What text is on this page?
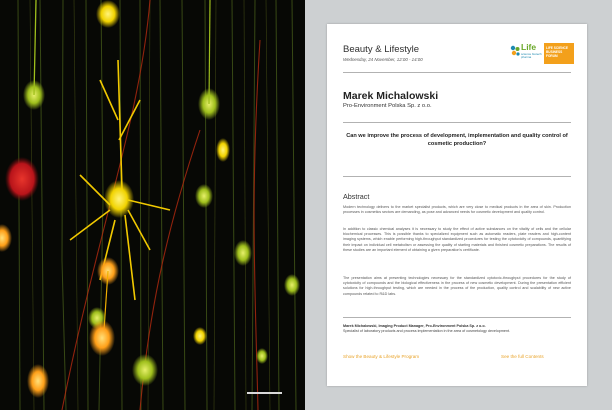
Beauty & Lifestyle
Wednesday, 24 November, 12:00 - 14:00
Life
science biotech pharma
LIFE SCIENCE BUSINESS FORUM
Marek Michalowski
Pro-Environment Polska Sp. z o.o.
Can we improve the process of development, implementation and quality control of cosmetic production?
Abstract
Modern technology delivers to the market specialist products, which are very close to medical products in the area of skin. Production processes in cosmetics sectors are demanding, as pose and advanced needs for cosmetic development and quality control.
In addition to classic chemical analyses it is necessary to study the effect of active substances on the vitality of cells and the cellular biochemical processes. This is possible thanks to specialized equipment such as automatic readers, plate readers and high-content imaging systems, which enable performing high-throughput standardized procedures for testing the cytotoxicity of compounds, quantifying their impact on individual cell metabolism or assessing the quality of starting materials and finished cosmetic preparations. The results of these studies are an important element of obtaining a given preparation's certificate.
The presentation aims at presenting technologies necessary for the standardized cytotoxic-throughput procedures for the study of cytotoxicity of compounds and the biological effectiveness in the process of new cosmetic development. During the presentation efficient solutions for high-throughput testing, which are needed in the process of the production, quality control and scalability of new active compounds related to R&D labs.
Marek Michalowski, Imaging Product Manager, Pro-Environment Polska Sp. z o.o.
Specialist of laboratory products and process implementation in the area of cosmetology development.
Show the Beauty & Lifestyle Program	See the full Contents
